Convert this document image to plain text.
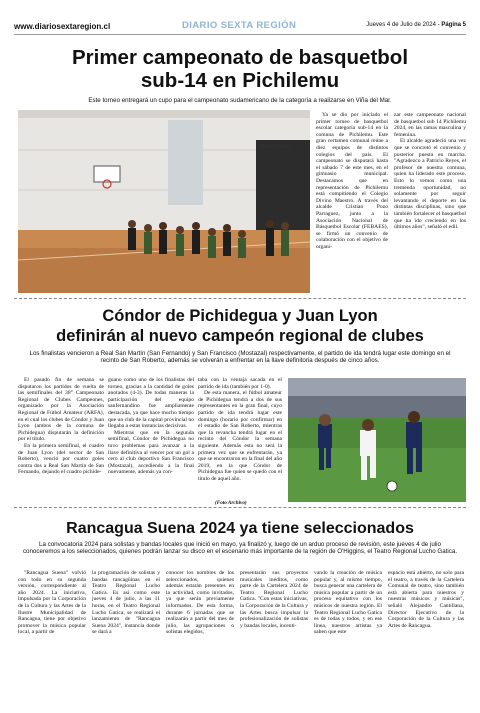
www.diariosextaregion.cl	DIARIO SEXTA REGIÓN	Jueves 4 de Julio de 2024 - Página 5
Primer campeonato de basquetbol
sub-14 en Pichilemu
Este torneo entregará un cupo para el campeonato sudamericano de la categoría a realizarse en Viña del Mar.
BASKETBALL

Ya se dio por iniciado el primer torneo de basquetbol escolar categoría sub-14 en la comuna de Pichilemu. Este gran certamen comunal reúne a diez equipos de distintos colegios del país. El campeonato se disputará hasta el sábado 7 de este mes, en el gimnasio municipal. Destacamos que en representación de Pichilemu está compitiendo el Colegio Divino Maestro. A través del alcalde Cristian Pozo Parraguez, junto a la Asociación Nacional de Básquetbol Escolar (FEBAES), se firmó un convenio de colaboración con el objetivo de organi-

zar este campeonato nacional de basquetbol sub 14 Pichilemu 2024, en las ramas masculina y femenina.

El alcalde agradeció una vez que se concretó el convenio y posterior puesta en marcha. "Agradezco a Patricio Reyes, el profesor de nuestra comuna, quien ha liderado este proceso. Esto lo vemos como una tremenda oportunidad, no solamente por seguir levantando el deporte en las distintas disciplinas, sino que también fortalecer el basquetbol que ha ido creciendo en los últimos años", señaló el edil.

Cóndor de Pichidegua y Juan Lyon
definirán al nuevo campeón regional de clubes
Los finalistas vencieron a Real San Martín (San Fernando) y San Francisco (Mostazal) respectivamente, el partido de ida tendrá lugar este domingo en el recinto de San Roberto, además se volverán a enfrentar en la llave definitoria después de cinco años.

El pasado fin de semana se disputaron los partidos de vuelta de las semifinales del 38° Campeonato Regional de Clubes Campeones, organizado por la Asociación Regional de Fútbol Amateur (ARFA), en el cual los clubes de Cóndor y Juan Lyon (ambos de la comuna de Pichidegua) disputarán la definición por el título.

En la primera semifinal, el cuadro de Juan Lyon (del sector de San Roberto), venció por cuatro goles contra dos a Real San Martín de San Fernando, dejando el cuadro pichide-

guano como uno de los finalistas del torneo, gracias a la cantidad de goles anotados (4-3). De todas maneras la participación del equipo sanfernandino fue ampliamente destacada, ya que hace mucho tiempo que un club de la capital provincial no llegaba a estas instancias decisivas.

Mientras que en la segunda semifinal, Cóndor de Pichidegua no tuvo problemas para avanzar a la llave definitiva al vencer por un gol a cero al club deportivo San Francisco (Mostazal), accediendo a la final nuevamente, además ya con-

taba con la ventaja sacada en el partido de ida (también por 1-0).

De esta manera, el fútbol amateur de Pichidegua tendrá a dos de sus representantes en la gran final, cuyo partido de ida tendrá lugar este domingo (horario por confirmar) en el estadio de San Roberto, mientras que la revancha tendrá lugar en el recinto del Cóndor la semana siguiente. Además esta no será la primera vez que se enfrentarán, ya que se encontraron en la final del año 2019, en la que Cóndor de Pichidegua fue quien se quedó con el título de aquel año.

(Foto Archivo)
Rancagua Suena 2024 ya tiene seleccionados
La convocatoria 2024 para solistas y bandas locales que inició en mayo, ya finalizó y, luego de un arduo proceso de revisión, este jueves 4 de julio conoceremos a los seleccionados, quienes podrán lanzar su disco en el escenario más importante de la región de O'Higgins, el Teatro Regional Lucho Gatica.

"Rancagua Suena" volvió con todo en su segunda versión, correspondiente al año 2024. La iniciativa, impulsada por la Corporación de la Cultura y las Artes de la Ilustre Municipalidad de Rancagua, tiene por objetivo promover la música popular local, a partir de

la programación de solistas y bandas rancagüinas en el Teatro Regional Lucho Gatica. Es así como este jueves 4 de julio, a las 11 horas, en el Teatro Regional Lucho Gatica, se realizará el lanzamiento de "Rancagua Suena 2024", instancia donde se dará a

conocer los nombres de los seleccionados, quienes además estarán presentes en la actividad, como invitados, ya que serán previamente informados. De esta forma, durante 6 jornadas que se realizarán a partir del mes de julio, las agrupaciones o solistas elegidos,

presentarán sus proyectos musicales inéditos, como parte de la Cartelera 2024 de Teatro Regional Lucho Gatica. "Con estas iniciativas, la Corporación de la Cultura y las Artes busca impulsar la profesionalización de solistas y bandas locales, incenti-

vando la creación de música popular y, al mismo tiempo, busca generar una cartelera de música popular a partir de un proceso equitativo con los músicos de nuestra región. El Teatro Regional Lucho Gatica es de todas y todos, y en ese línea, nuestros artistas ya saben que este

espacio está abierto, no solo para el teatro, a través de la Cartelera Comunal de teatro, sino también está abierta para nuestros y nuestras músicos y músicas", señaló Alejandro Cantillana, Director Ejecutivo de la Corporación de la Cultura y las Artes de Rancagua.
